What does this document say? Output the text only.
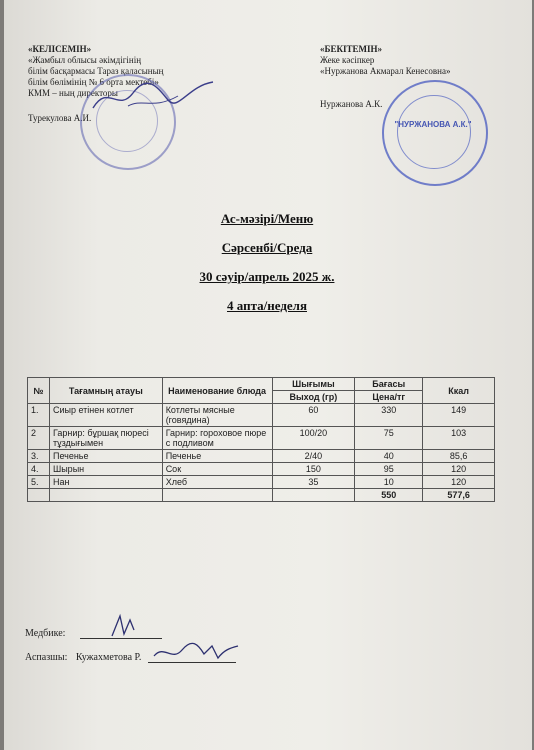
«КЕЛІСЕМІН»
«Жамбыл облысы әкімдігінің
білім басқармасы Тараз қаласының
білім бөлімінің № 6 орта мектебі»
КММ – ның директоры
Турекулова А.И.
«БЕКІТЕМІН»
Жеке кәсіпкер
«Нуржанова Акмарал Кенесовна»
Нуржанова А.К.
"НУРЖАНОВА А.К."
Ас-мәзірі/Меню
Сәрсенбі/Среда
30 сәуір/апрель 2025 ж.
4 апта/неделя
№	Тағамның атауы	Наименование блюда	Шығымы	Бағасы	Ккал
			Выход (гр)	Цена/тг	
1.	Сиыр етінен котлет	Котлеты мясные (говядина)	60	330	149
2	Гарнир: бұршақ пюресі тұздығымен	Гарнир: гороховое пюре с подливом	100/20	75	103
3.	Печенье	Печенье	2/40	40	85,6
4.	Шырын	Сок	150	95	120
5.	Нан	Хлеб	35	10	120
				550	577,6
Медбике:
Аспазшы: Кужахметова Р.
